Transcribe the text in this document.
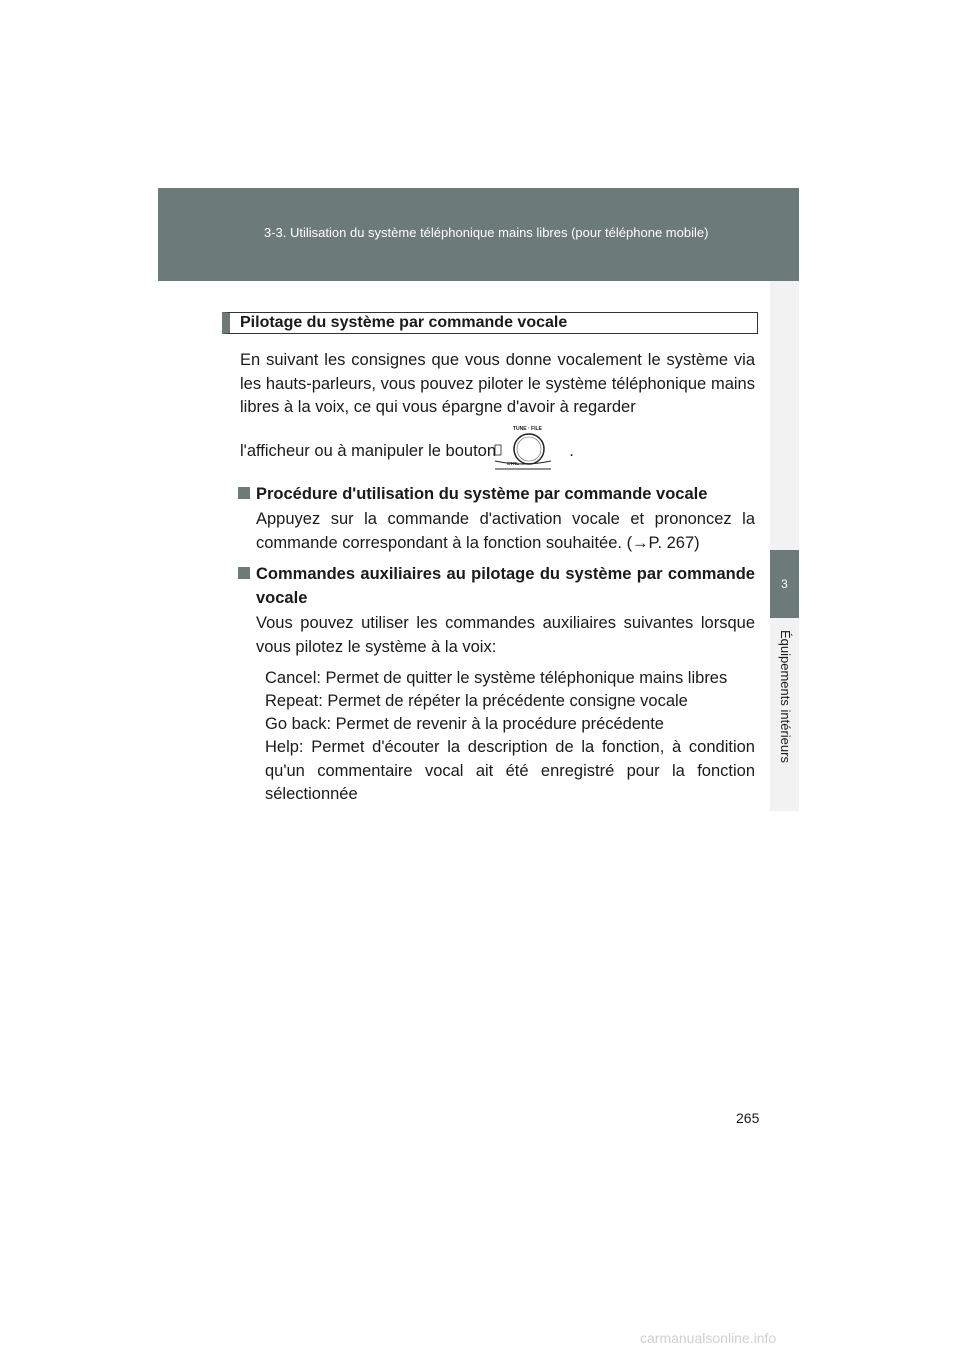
3-3. Utilisation du système téléphonique mains libres (pour téléphone mobile)
3
Équipements intérieurs
Pilotage du système par commande vocale
En suivant les consignes que vous donne vocalement le système via les hauts-parleurs, vous pouvez piloter le système téléphonique mains libres à la voix, ce qui vous épargne d'avoir à regarder
l'afficheur ou à manipuler le bouton	.
TUNE · FILE
CTRL
Procédure d'utilisation du système par commande vocale
Appuyez sur la commande d'activation vocale et prononcez la commande correspondant à la fonction souhaitée. (→P. 267)
Commandes auxiliaires au pilotage du système par commande vocale
Vous pouvez utiliser les commandes auxiliaires suivantes lorsque vous pilotez le système à la voix:
Cancel: Permet de quitter le système téléphonique mains libres
Repeat: Permet de répéter la précédente consigne vocale
Go back: Permet de revenir à la procédure précédente
Help: Permet d'écouter la description de la fonction, à condition qu'un commentaire vocal ait été enregistré pour la fonction sélectionnée
265
carmanualsonline.info
